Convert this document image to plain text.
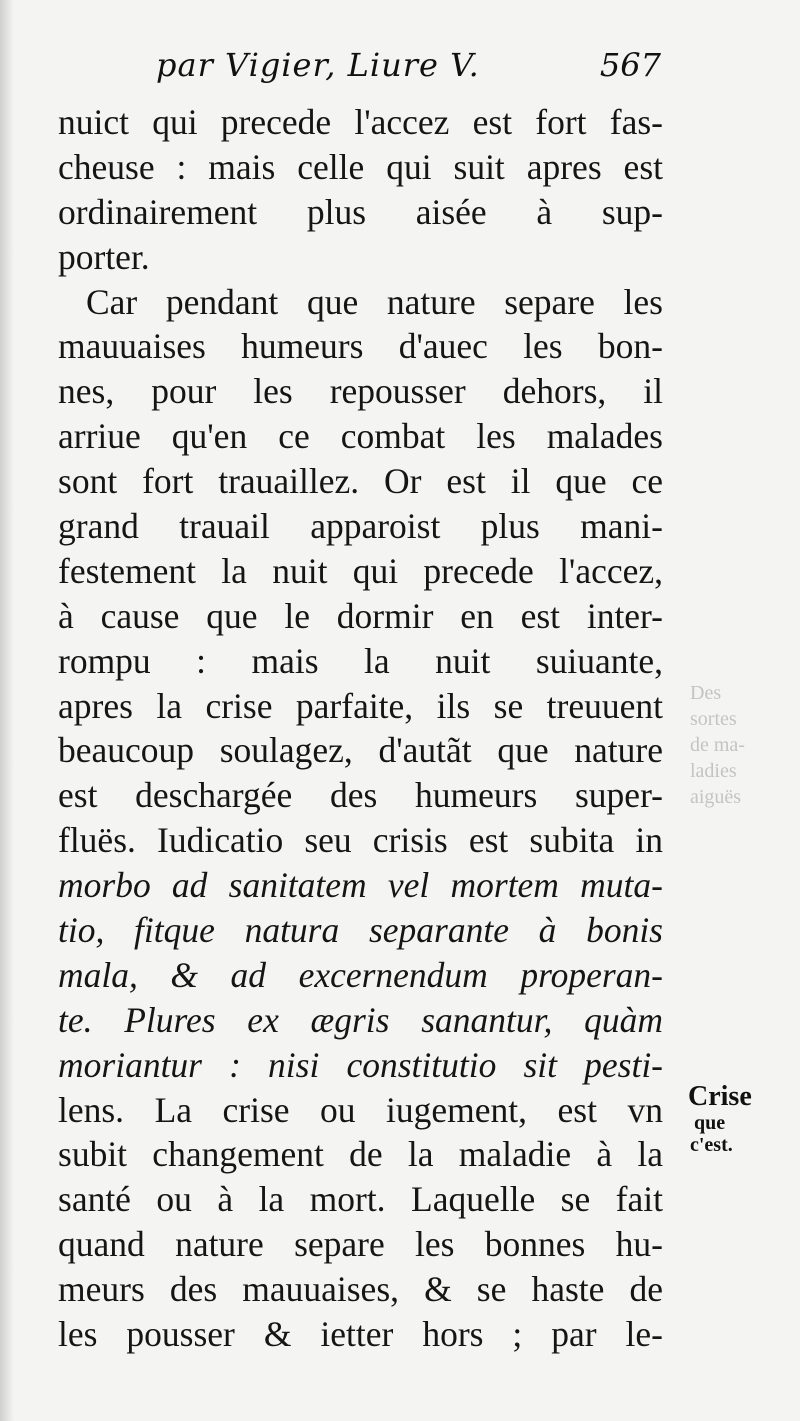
Des
sortes
de ma-
ladies
aiguës
par Vigier, Liure V.	567
nuict qui precede l'accez est fort fas-
cheuse : mais celle qui suit apres est
ordinairement plus aisée à sup-
porter.
Car pendant que nature separe les
mauuaises humeurs d'auec les bon-
nes, pour les repousser dehors, il
arriue qu'en ce combat les malades
sont fort trauaillez. Or est il que ce
grand trauail apparoist plus mani-
festement la nuit qui precede l'accez,
à cause que le dormir en est inter-
rompu : mais la nuit suiuante,
apres la crise parfaite, ils se treuuent
beaucoup soulagez, d'autãt que nature
est deschargée des humeurs super-
fluës. Iudicatio seu crisis est subita in
morbo ad sanitatem vel mortem muta-
tio, fitque natura separante à bonis
mala, & ad excernendum properan-
te. Plures ex ægris sanantur, quàm
moriantur : nisi constitutio sit pesti-
lens. La crise ou iugement, est vn
subit changement de la maladie à la
santé ou à la mort. Laquelle se fait
quand nature separe les bonnes hu-
meurs des mauuaises, & se haste de
les pousser & ietter hors ; par le-
Crise
que
c'est.
